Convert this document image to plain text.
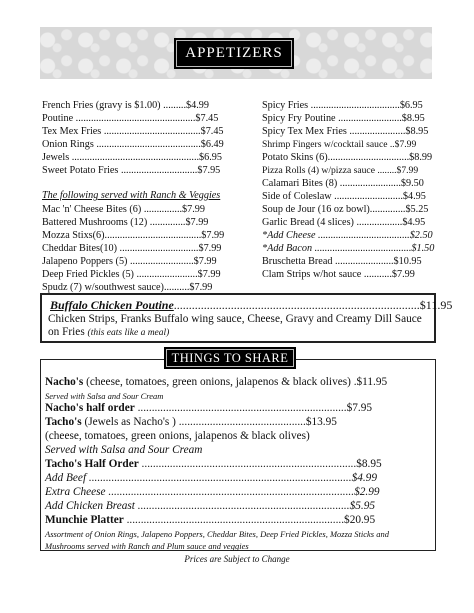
APPETIZERS
French Fries (gravy is $1.00) .........$4.99
Poutine ...............................................$7.45
Tex Mex Fries ......................................$7.45
Onion Rings .........................................$6.49
Jewels ..................................................$6.95
Sweet Potato Fries ..............................$7.95
The following served with Ranch & Veggies
Mac 'n' Cheese Bites (6) ...............$7.99
Battered Mushrooms (12) ..............$7.99
Mozza Stixs(6)......................................$7.99
Cheddar Bites(10) ...............................$7.99
Jalapeno Poppers (5) .........................$7.99
Deep Fried Pickles (5) ........................$7.99
Spudz (7) w/southwest sauce)..........$7.99
Spicy Fries ...................................$6.95
Spicy Fry Poutine .........................$8.95
Spicy Tex Mex Fries ......................$8.95
Shrimp Fingers w/cocktail sauce ..$7.99
Potato Skins (6)................................$8.99
Pizza Rolls (4) w/pizza sauce ........$7.99
Calamari Bites (8) ........................$9.50
Side of Coleslaw ...........................$4.95
Soup de Jour (16 oz bowl)..............$5.25
Garlic Bread (4 slices) ..................$4.95
*Add Cheese ....................................$2.50
*Add Bacon ......................................$1.50
Bruschetta Bread .......................$10.95
Clam Strips w/hot sauce ...........$7.99
Buffalo Chicken Poutine..................................................................................$11.95
Chicken Strips, Franks Buffalo wing sauce, Cheese, Gravy and Creamy Dill Sauce on Fries (this eats like a meal)
THINGS TO SHARE
Nacho's (cheese, tomatoes, green onions, jalapenos & black olives) .$11.95
Served with Salsa and Sour Cream
Nacho's half order ..........................................................................$7.95
Tacho's (Jewels as Nacho's ) .............................................$13.95
(cheese, tomatoes, green onions, jalapenos & black olives)
Served with Salsa and Sour Cream
Tacho's Half Order ............................................................................$8.95
Add Beef .............................................................................................$4.99
Extra Cheese .......................................................................................$2.99
Add Chicken Breast ...........................................................................$5.95
Munchie Platter .............................................................................$20.95
Assortment of Onion Rings, Jalapeno Poppers, Cheddar Bites, Deep Fried Pickles, Mozza Sticks and
Mushrooms served with Ranch and Plum sauce and veggies
Prices are Subject to Change
